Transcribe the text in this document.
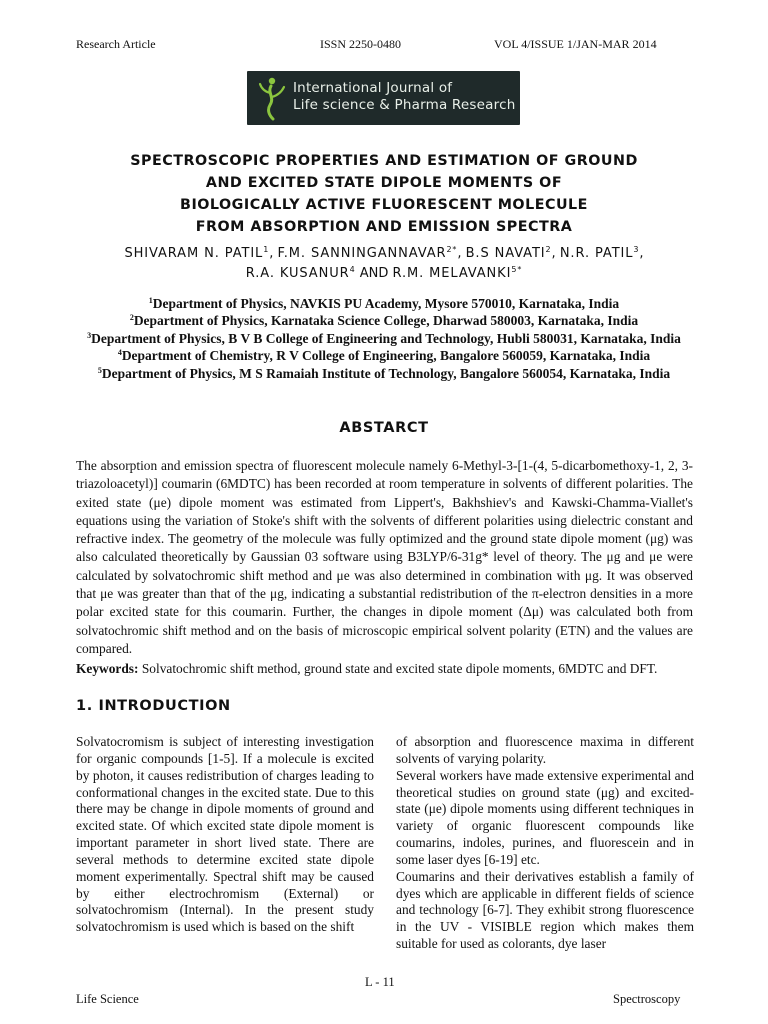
Research Article	ISSN 2250-0480	VOL 4/ISSUE 1/JAN-MAR 2014
International Journal of
Life science & Pharma Research
SPECTROSCOPIC PROPERTIES AND ESTIMATION OF GROUND
AND EXCITED STATE DIPOLE MOMENTS OF
BIOLOGICALLY ACTIVE FLUORESCENT MOLECULE
FROM ABSORPTION AND EMISSION SPECTRA
SHIVARAM N. PATIL$^1$, F.M. $SANNINGANNAVAR^{2*}$, B.S NAVATI$^2$, N.R. PATIL$^3$,
R.A. KUSANUR$^4$ AND R.M. $MELAVANKI^{5*}$
$^1$Department of Physics, NAVKIS PU Academy, Mysore 570010, Karnataka, India
$^2$Department of Physics, Karnataka Science College, Dharwad 580003, Karnataka, India
$^3$Department of Physics, B V B College of Engineering and Technology, Hubli 580031, Karnataka, India
$^4$Department of Chemistry, R V College of Engineering, Bangalore 560059, Karnataka, India
$^5$Department of Physics, M S Ramaiah Institute of Technology, Bangalore 560054, Karnataka, India
ABSTARCT
The absorption and emission spectra of fluorescent molecule namely 6-Methyl-3-[1-(4, 5-dicarbomethoxy-1, 2, 3-triazoloacetyl)] coumarin (6MDTC) has been recorded at room temperature in solvents of different polarities. The exited state (μe) dipole moment was estimated from Lippert's, Bakhshiev's and Kawski-Chamma-Viallet's equations using the variation of Stoke's shift with the solvents of different polarities using dielectric constant and refractive index. The geometry of the molecule was fully optimized and the ground state dipole moment (μg) was also calculated theoretically by Gaussian 03 software using B3LYP/6-31g* level of theory. The μg and μe were calculated by solvatochromic shift method and μe was also determined in combination with μg. It was observed that μe was greater than that of the μg, indicating a substantial redistribution of the π-electron densities in a more polar excited state for this coumarin. Further, the changes in dipole moment (Δμ) was calculated both from solvatochromic shift method and on the basis of microscopic empirical solvent polarity (ETN) and the values are compared.
Keywords: Solvatochromic shift method, ground state and excited state dipole moments, 6MDTC and DFT.
1. INTRODUCTION

Solvatocromism is subject of interesting investigation for organic compounds [1-5]. If a molecule is excited by photon, it causes redistribution of charges leading to conformational changes in the excited state. Due to this there may be change in dipole moments of ground and excited state. Of which excited state dipole moment is important parameter in short lived state. There are several methods to determine excited state dipole moment experimentally. Spectral shift may be caused by either electrochromism (External) or solvatochromism (Internal). In the present study solvatochromism is used which is based on the shift

of absorption and fluorescence maxima in different solvents of varying polarity.

Several workers have made extensive experimental and theoretical studies on ground state (μg) and excited-state (μe) dipole moments using different techniques in variety of organic fluorescent compounds like coumarins, indoles, purines, and fluorescein and in some laser dyes [6-19] etc.

Coumarins and their derivatives establish a family of dyes which are applicable in different fields of science and technology [6-7]. They exhibit strong fluorescence in the UV - VISIBLE region which makes them suitable for used as colorants, dye laser

L - 11
Life Science	Spectroscopy
